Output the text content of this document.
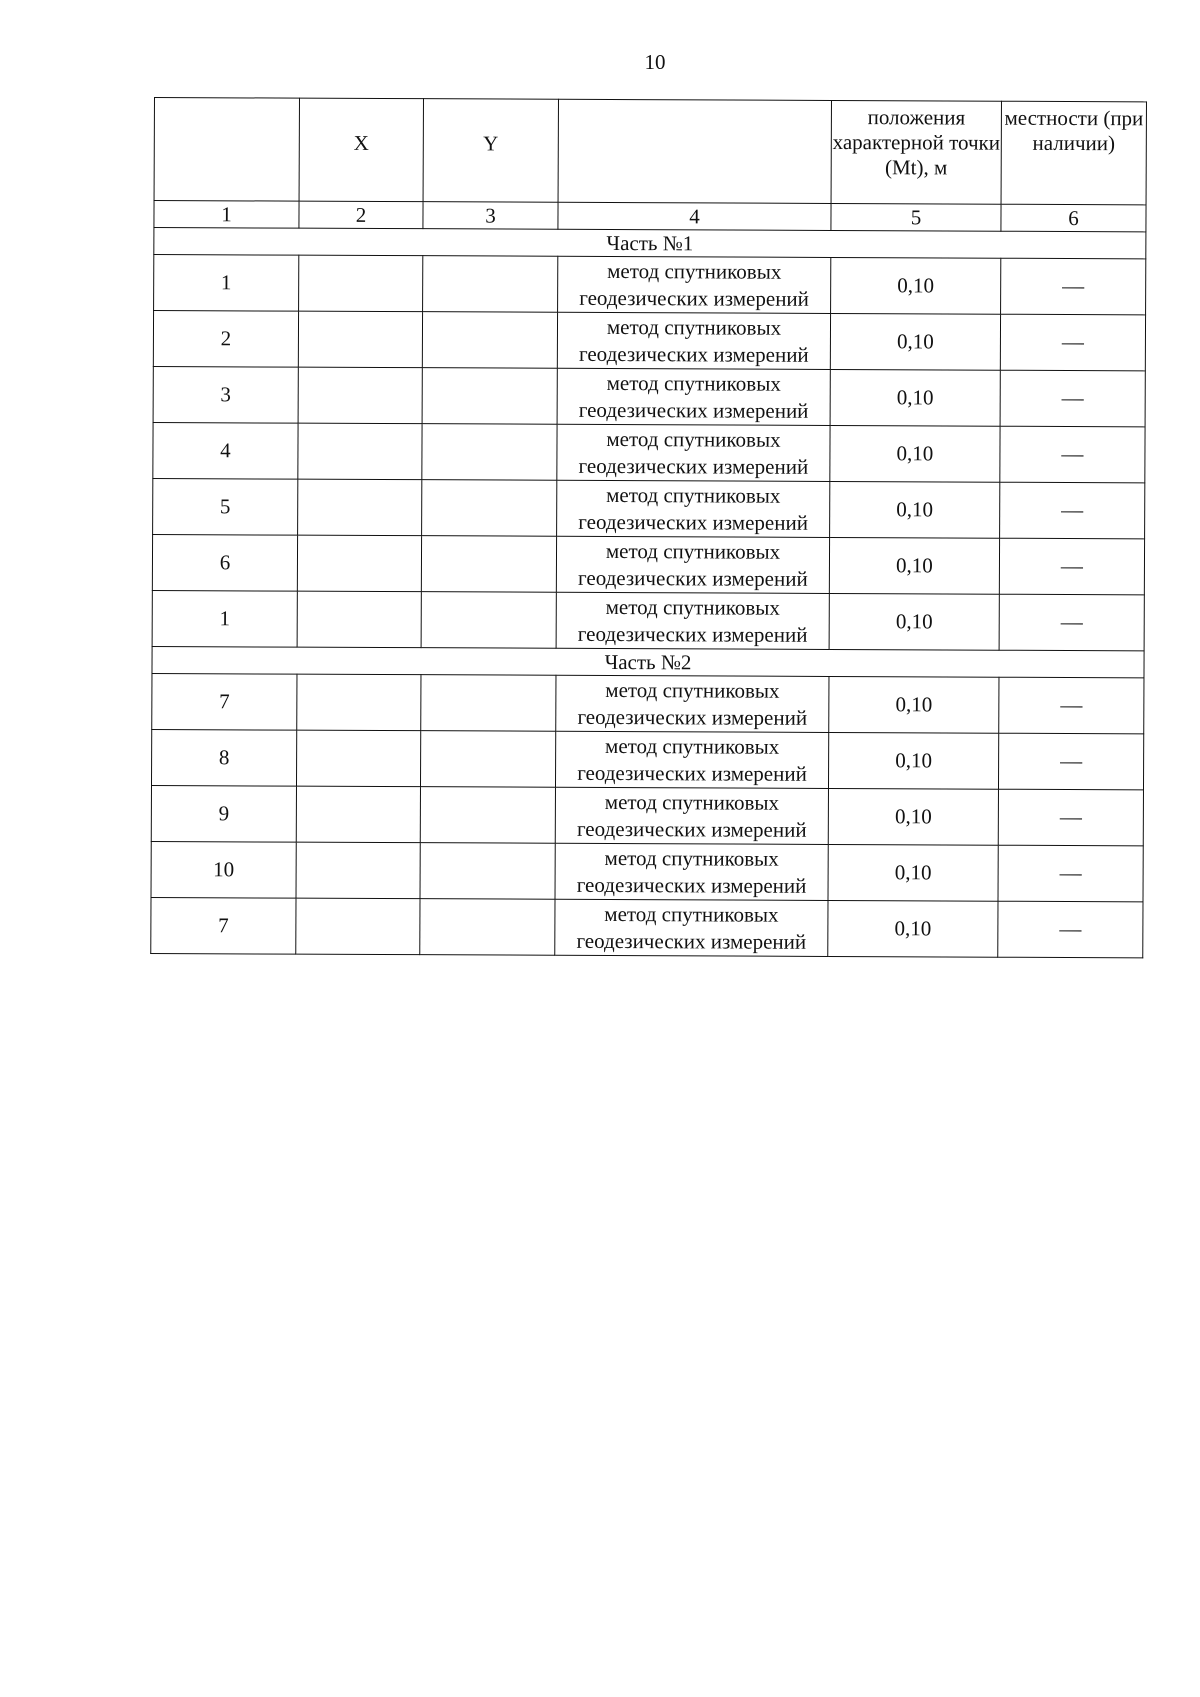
10
	X	Y		положения характерной точки (Mt), м	местности (при наличии)

1	2	3	4	5	6
Часть №1					
1			метод спутниковых геодезических измерений	0,10	—
2			метод спутниковых геодезических измерений	0,10	—
3			метод спутниковых геодезических измерений	0,10	—
4			метод спутниковых геодезических измерений	0,10	—
5			метод спутниковых геодезических измерений	0,10	—
6			метод спутниковых геодезических измерений	0,10	—
1			метод спутниковых геодезических измерений	0,10	—
Часть №2					
7			метод спутниковых геодезических измерений	0,10	—
8			метод спутниковых геодезических измерений	0,10	—
9			метод спутниковых геодезических измерений	0,10	—
10			метод спутниковых геодезических измерений	0,10	—
7			метод спутниковых геодезических измерений	0,10	—
